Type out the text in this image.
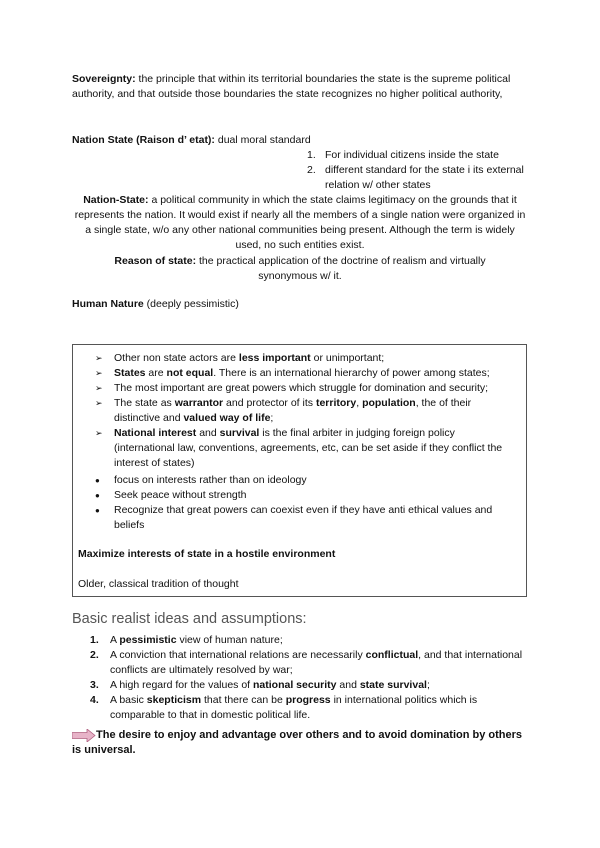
Sovereignty: the principle that within its territorial boundaries the state is the supreme political authority, and that outside those boundaries the state recognizes no higher political authority,
Nation State (Raison d’ etat): dual moral standard
1. For individual citizens inside the state
2. different standard for the state i its external relation w/ other states
Nation-State: a political community in which the state claims legitimacy on the grounds that it represents the nation. It would exist if nearly all the members of a single nation were organized in a single state, w/o any other national communities being present. Although the term is widely used, no such entities exist.
Reason of state: the practical application of the doctrine of realism and virtually synonymous w/ it.
Human Nature (deeply pessimistic)
➢	Other non state actors are less important or unimportant;
➢	States are not equal. There is an international hierarchy of power among states;
➢	The most important are great powers which struggle for domination and security;
➢	The state as warrantor and protector of its territory, population, the of their distinctive and valued way of life;
➢	National interest and survival is the final arbiter in judging foreign policy (international law, conventions, agreements, etc, can be set aside if they conflict the interest of states)
●	focus on interests rather than on ideology
●	Seek peace without strength
●	Recognize that great powers can coexist even if they have anti ethical values and beliefs
Maximize interests of state in a hostile environment
Older, classical tradition of thought
Basic realist ideas and assumptions:
1.	A pessimistic view of human nature;
2.	A conviction that international relations are necessarily conflictual, and that international conflicts are ultimately resolved by war;
3.	A high regard for the values of national security and state survival;
4.	A basic skepticism that there can be progress in international politics which is comparable to that in domestic political life.
The desire to enjoy and advantage over others and to avoid domination by others is universal.
